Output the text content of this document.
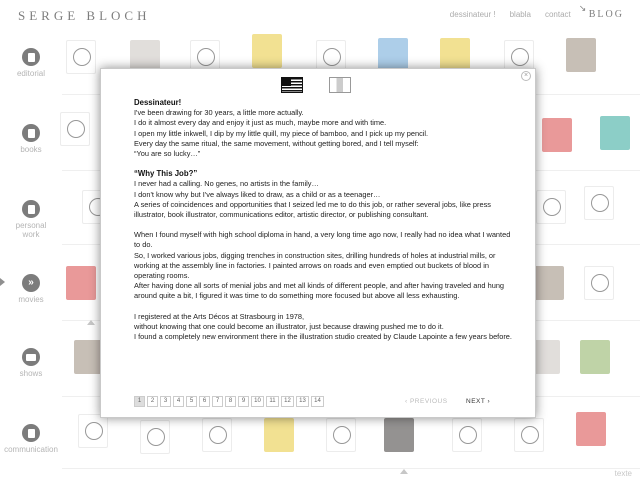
SERGE BLOCH	dessinateur ! blabla contact
↘
BLOG
editorial
books
personal work
»
movies
shows
communication
texte
×
Dessinateur!

I've been drawing for 30 years, a little more actually.

I do it almost every day and enjoy it just as much, maybe more and with time.

I open my little inkwell, I dip by my little quill, my piece of bamboo, and I pick up my pencil.

Every day the same ritual, the same movement, without getting bored, and I tell myself:

“You are so lucky…”

“Why This Job?”

I never had a calling. No genes, no artists in the family…

I don't know why but I've always liked to draw, as a child or as a teenager…

A series of coincidences and opportunities that I seized led me to do this job, or rather several jobs, like press illustrator, book illustrator, communications editor, artistic director, or publishing consultant.

When I found myself with high school diploma in hand, a very long time ago now, I really had no idea what I wanted to do.

So, I worked various jobs, digging trenches in construction sites, drilling hundreds of holes at industrial mills, or working at the assembly line in factories. I painted arrows on roads and even emptied out buckets of blood in operating rooms.

After having done all sorts of menial jobs and met all kinds of different people, and after having traveled and hung around quite a bit, I figured it was time to do something more focused but above all less exhausting.

I registered at the Arts Décos at Strasbourg in 1978,

without knowing that one could become an illustrator, just because drawing pushed me to do it.

I found a completely new environment there in the illustration studio created by Claude Lapointe a few years before.

1	2	3	4	5	6	7	8	9	10	11	12	13	14	‹ PREVIOUS	NEXT ›
